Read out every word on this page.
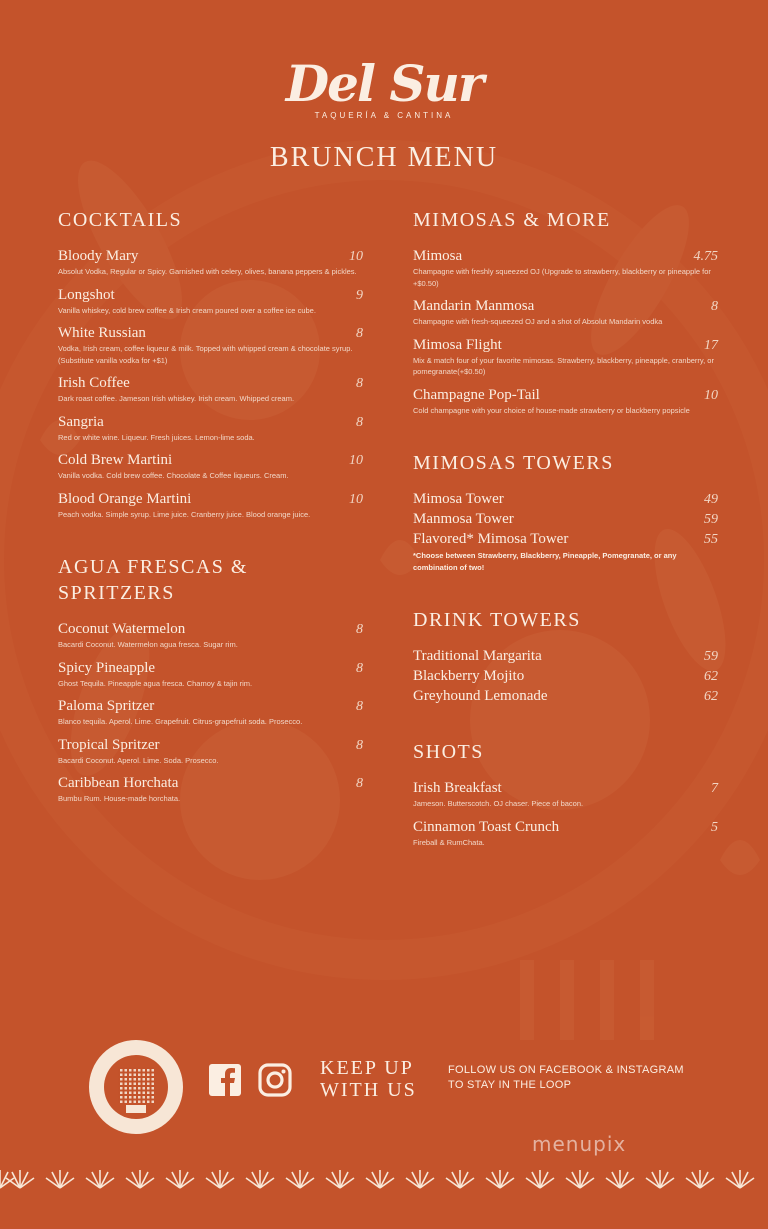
Del Sur
TAQUERÍA & CANTINA
BRUNCH MENU
COCKTAILS
Bloody Mary	10
Absolut Vodka, Regular or Spicy. Garnished with celery, olives, banana peppers & pickles.
Longshot	9
Vanilla whiskey, cold brew coffee & Irish cream poured over a coffee ice cube.
White Russian	8
Vodka, Irish cream, coffee liqueur & milk. Topped with whipped cream & chocolate syrup. (Substitute vanilla vodka for +$1)
Irish Coffee	8
Dark roast coffee. Jameson Irish whiskey. Irish cream. Whipped cream.
Sangria	8
Red or white wine. Liqueur. Fresh juices. Lemon-lime soda.
Cold Brew Martini	10
Vanilla vodka. Cold brew coffee. Chocolate & Coffee liqueurs. Cream.
Blood Orange Martini	10
Peach vodka. Simple syrup. Lime juice. Cranberry juice. Blood orange juice.
AGUA FRESCAS & SPRITZERS
Coconut Watermelon	8
Bacardi Coconut. Watermelon agua fresca. Sugar rim.
Spicy Pineapple	8
Ghost Tequila. Pineapple agua fresca. Chamoy & tajin rim.
Paloma Spritzer	8
Blanco tequila. Aperol. Lime. Grapefruit. Citrus-grapefruit soda. Prosecco.
Tropical Spritzer	8
Bacardi Coconut. Aperol. Lime. Soda. Prosecco.
Caribbean Horchata	8
Bumbu Rum. House-made horchata.
MIMOSAS & MORE
Mimosa	4.75
Champagne with freshly squeezed OJ (Upgrade to strawberry, blackberry or pineapple for +$0.50)
Mandarin Manmosa	8
Champagne with fresh-squeezed OJ and a shot of Absolut Mandarin vodka
Mimosa Flight	17
Mix & match four of your favorite mimosas. Strawberry, blackberry, pineapple, cranberry, or pomegranate(+$0.50)
Champagne Pop-Tail	10
Cold champagne with your choice of house-made strawberry or blackberry popsicle
MIMOSAS TOWERS
Mimosa Tower	49
Manmosa Tower	59
Flavored* Mimosa Tower	55
*Choose between Strawberry, Blackberry, Pineapple, Pomegranate, or any combination of two!
DRINK TOWERS
Traditional Margarita	59
Blackberry Mojito	62
Greyhound Lemonade	62
SHOTS
Irish Breakfast	7
Jameson. Butterscotch. OJ chaser. Piece of bacon.
Cinnamon Toast Crunch	5
Fireball & RumChata.
KEEP UP
WITH US
FOLLOW US ON FACEBOOK & INSTAGRAM
TO STAY IN THE LOOP
menupix
